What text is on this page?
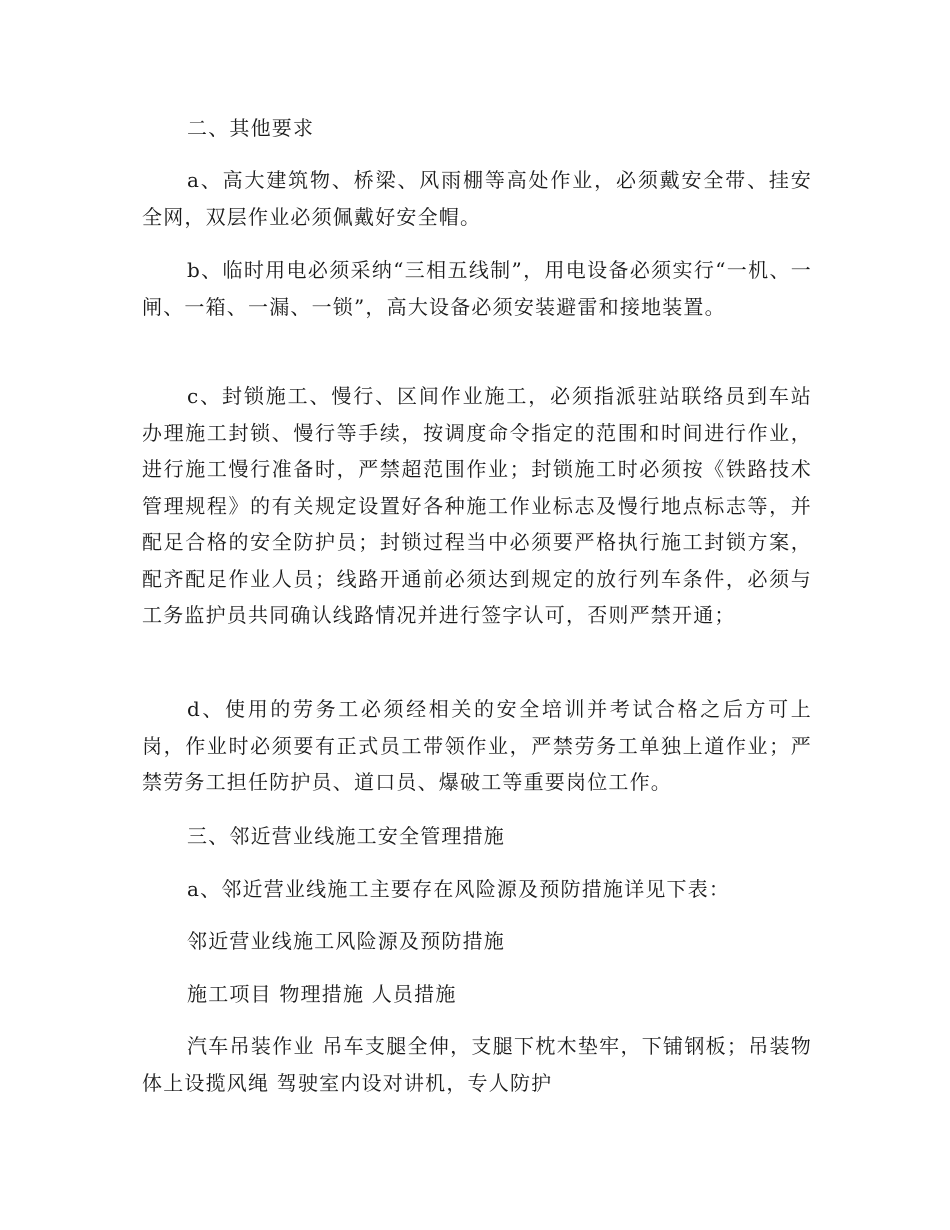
二、其他要求

a、高大建筑物、桥梁、风雨棚等高处作业，必须戴安全带、挂安全网，双层作业必须佩戴好安全帽。

b、临时用电必须采纳“三相五线制”，用电设备必须实行“一机、一闸、一箱、一漏、一锁”，高大设备必须安装避雷和接地装置。

c、封锁施工、慢行、区间作业施工，必须指派驻站联络员到车站办理施工封锁、慢行等手续，按调度命令指定的范围和时间进行作业，进行施工慢行准备时，严禁超范围作业；封锁施工时必须按《铁路技术管理规程》的有关规定设置好各种施工作业标志及慢行地点标志等，并配足合格的安全防护员；封锁过程当中必须要严格执行施工封锁方案，配齐配足作业人员；线路开通前必须达到规定的放行列车条件，必须与工务监护员共同确认线路情况并进行签字认可，否则严禁开通；

d、使用的劳务工必须经相关的安全培训并考试合格之后方可上岗，作业时必须要有正式员工带领作业，严禁劳务工单独上道作业；严禁劳务工担任防护员、道口员、爆破工等重要岗位工作。

三、邻近营业线施工安全管理措施

a、邻近营业线施工主要存在风险源及预防措施详见下表：

邻近营业线施工风险源及预防措施

施工项目 物理措施 人员措施

汽车吊装作业 吊车支腿全伸，支腿下枕木垫牢，下铺钢板；吊装物体上设揽风绳 驾驶室内设对讲机，专人防护
